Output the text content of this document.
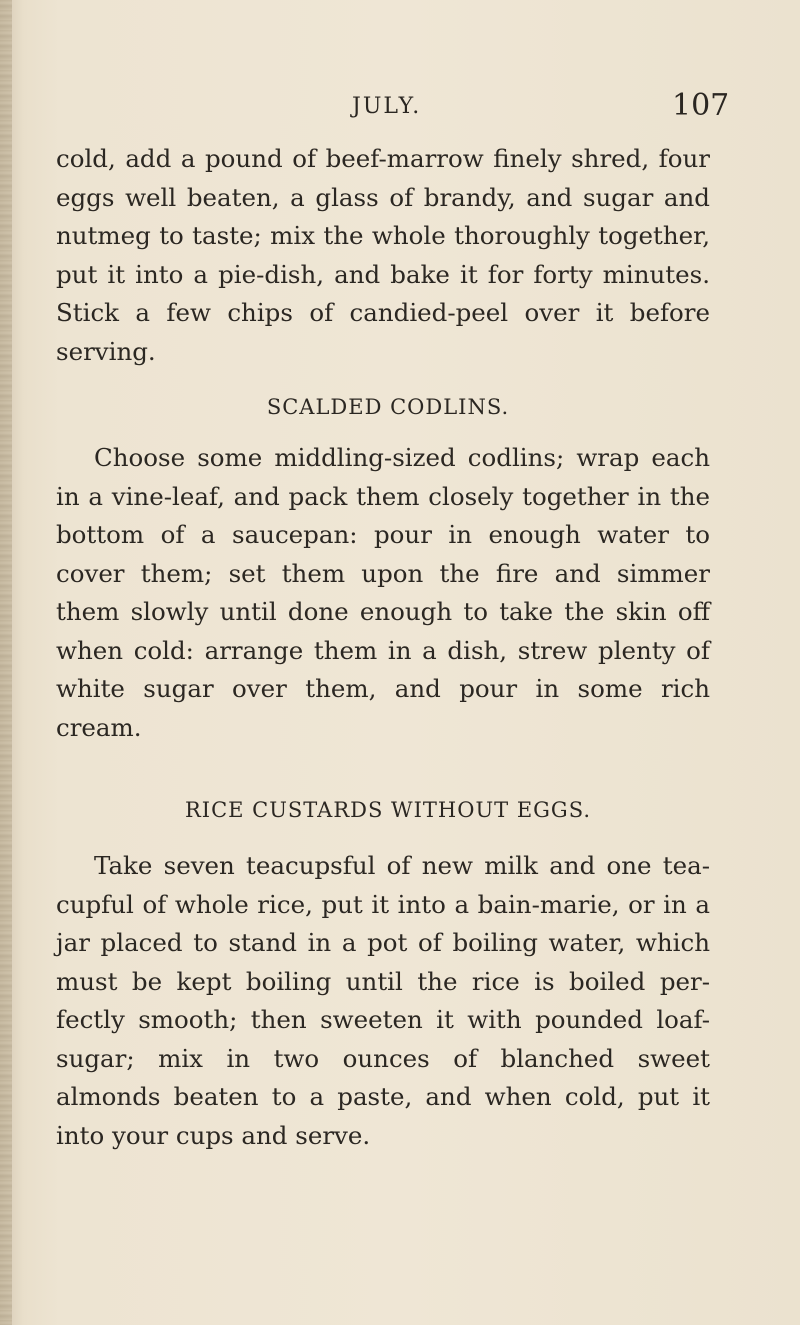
JULY.	107

cold, add a pound of beef-marrow finely shred, four eggs well beaten, a glass of brandy, and sugar and nutmeg to taste; mix the whole thoroughly together, put it into a pie-dish, and bake it for forty minutes. Stick a few chips of candied-peel over it before serving.

SCALDED CODLINS.

Choose some middling-sized codlins; wrap each in a vine-leaf, and pack them closely together in the bottom of a saucepan: pour in enough water to cover them; set them upon the fire and simmer them slowly until done enough to take the skin off when cold: arrange them in a dish, strew plenty of white sugar over them, and pour in some rich cream.

RICE CUSTARDS WITHOUT EGGS.

Take seven teacupsful of new milk and one tea-cupful of whole rice, put it into a bain-marie, or in a jar placed to stand in a pot of boiling water, which must be kept boiling until the rice is boiled per-fectly smooth; then sweeten it with pounded loaf-sugar; mix in two ounces of blanched sweet almonds beaten to a paste, and when cold, put it into your cups and serve.
